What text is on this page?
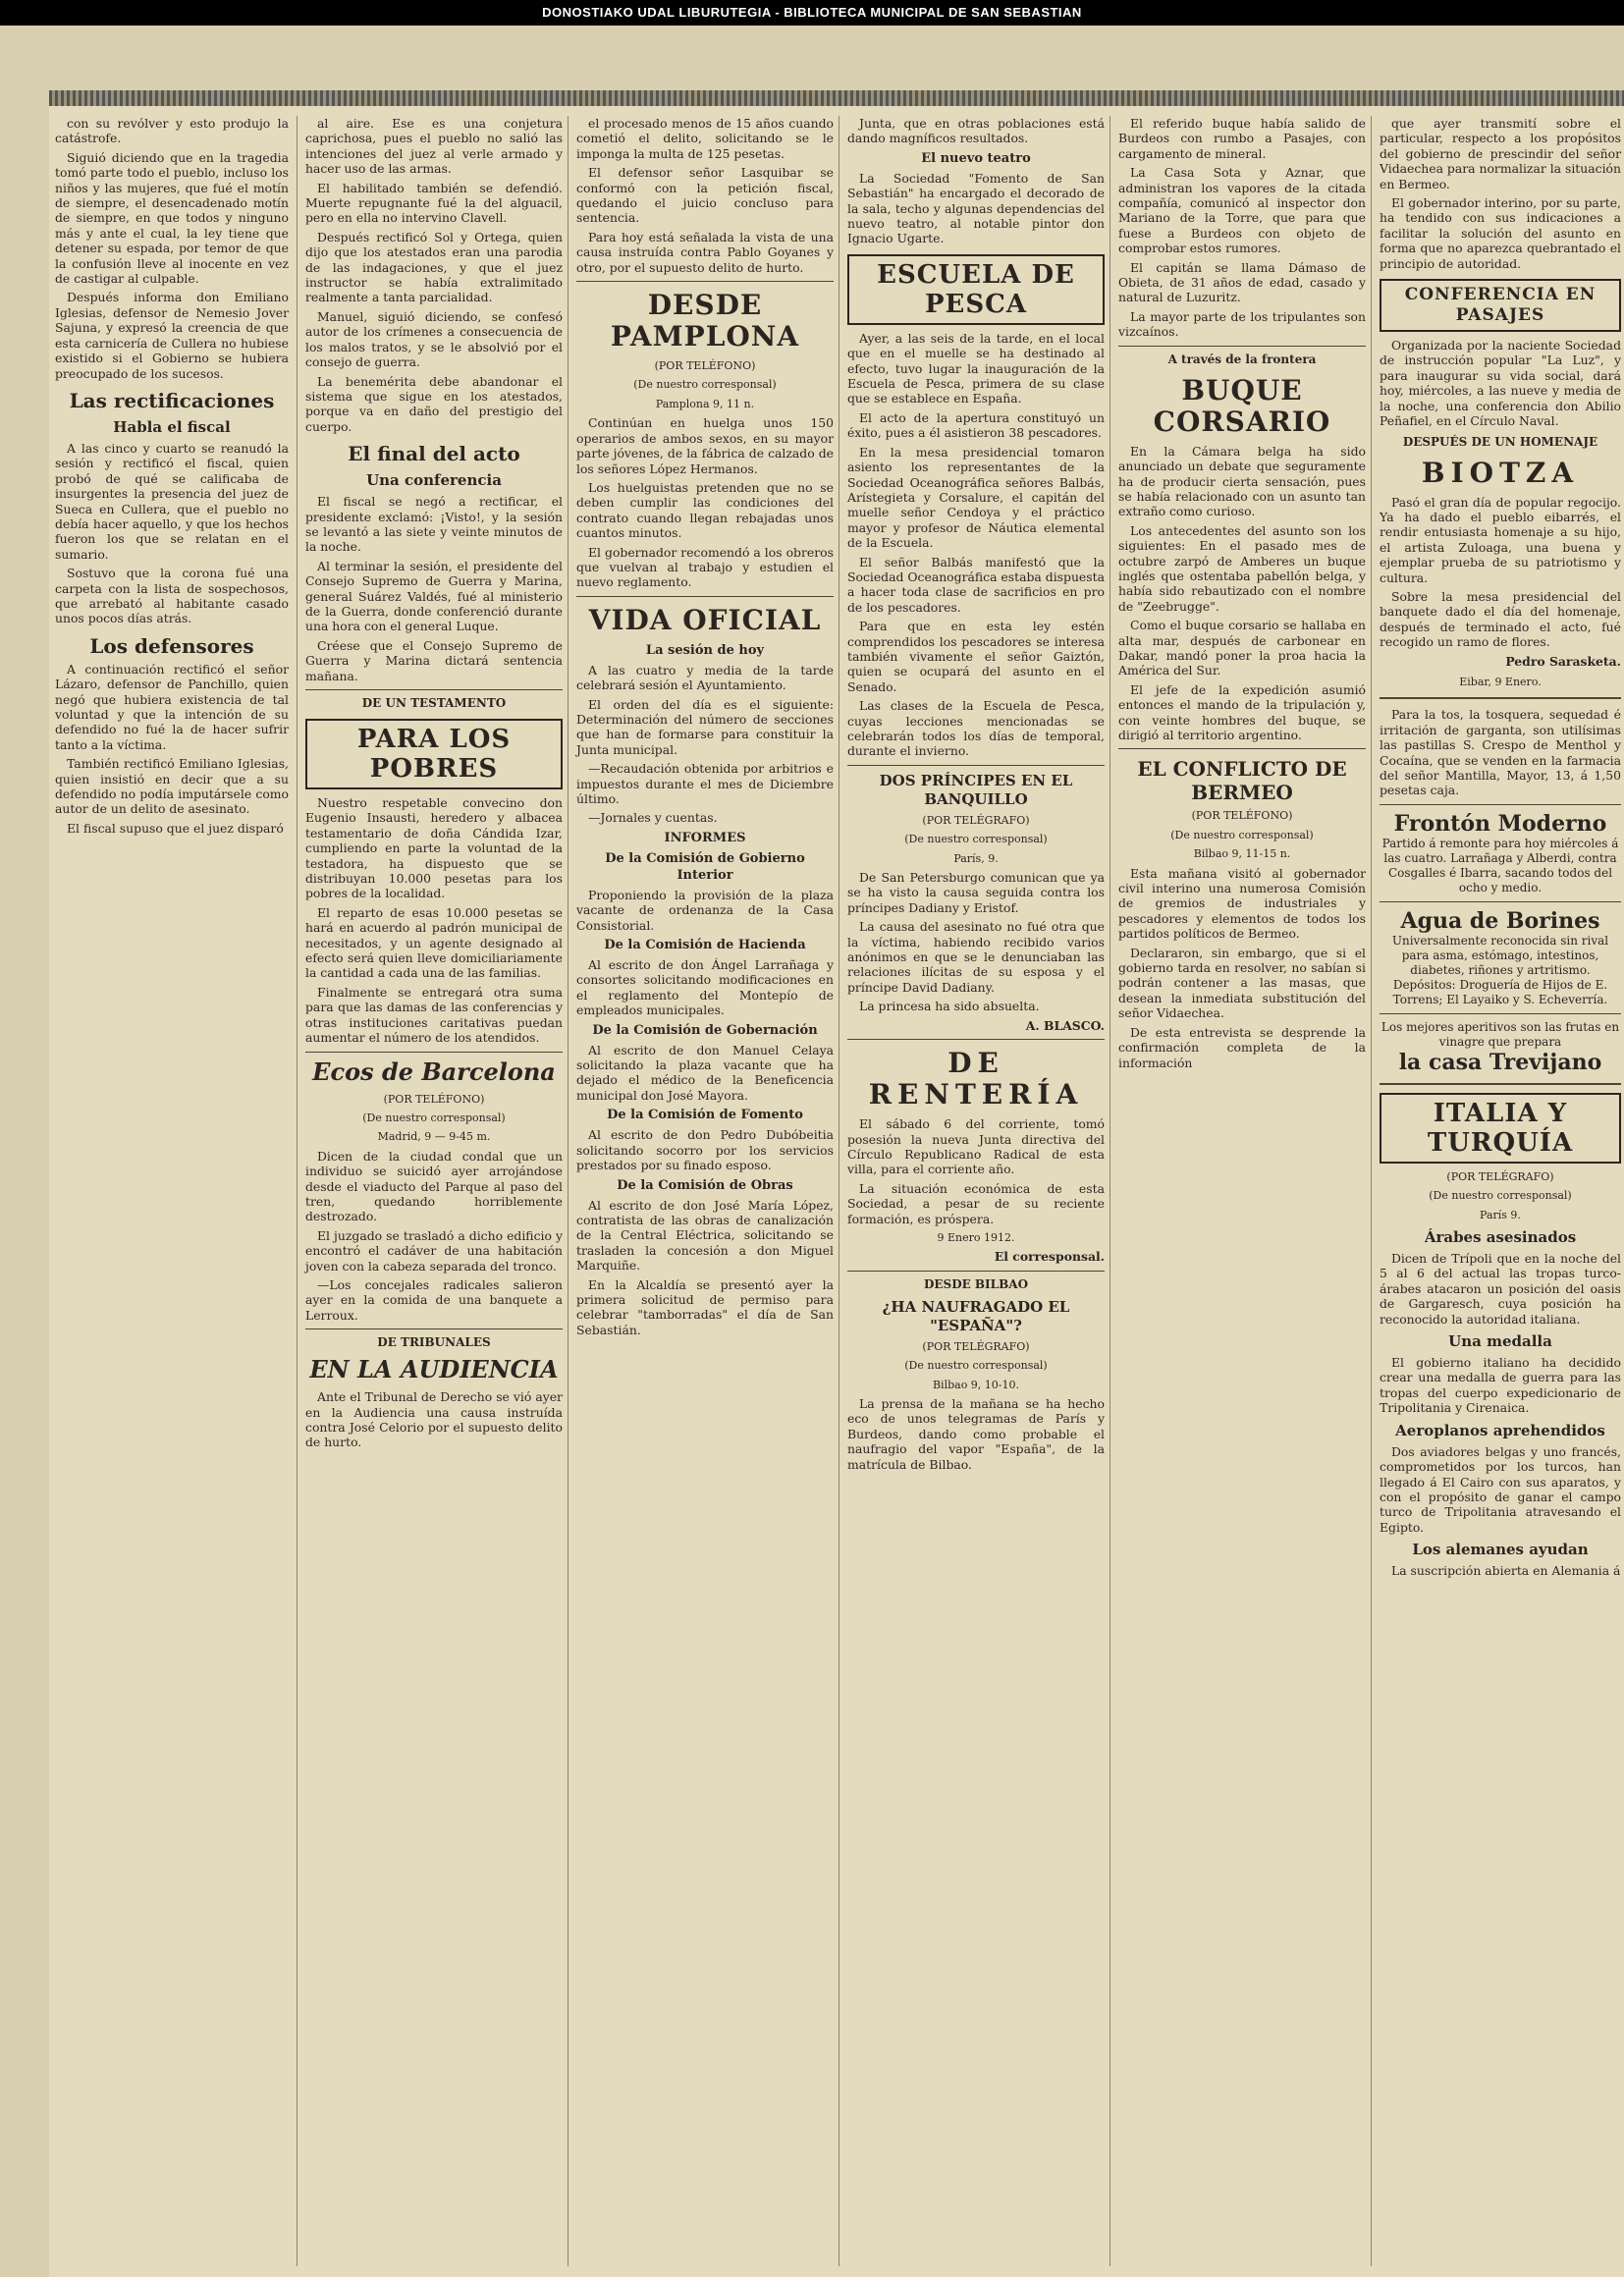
DONOSTIAKO UDAL LIBURUTEGIA - BIBLIOTECA MUNICIPAL DE SAN SEBASTIAN

con su revólver y esto produjo la catástrofe.

Siguió diciendo que en la tragedia tomó parte todo el pueblo, incluso los niños y las mujeres, que fué el motín de siempre, el desencadenado motín de siempre, en que todos y ninguno más y ante el cual, la ley tiene que detener su espada, por temor de que la confusión lleve al inocente en vez de castigar al culpable.

Después informa don Emiliano Iglesias, defensor de Nemesio Jover Sajuna, y expresó la creencia de que esta carnicería de Cullera no hubiese existido si el Gobierno se hubiera preocupado de los sucesos.

Las rectificaciones
Habla el fiscal

A las cinco y cuarto se reanudó la sesión y rectificó el fiscal, quien probó de qué se calificaba de insurgentes la presencia del juez de Sueca en Cullera, que el pueblo no debía hacer aquello, y que los hechos fueron los que se relatan en el sumario.

Sostuvo que la corona fué una carpeta con la lista de sospechosos, que arrebató al habitante casado unos pocos días atrás.

Los defensores

A continuación rectificó el señor Lázaro, defensor de Panchillo, quien negó que hubiera existencia de tal voluntad y que la intención de su defendido no fué la de hacer sufrir tanto a la víctima.

También rectificó Emiliano Iglesias, quien insistió en decir que a su defendido no podía imputársele como autor de un delito de asesinato.

El fiscal supuso que el juez disparó

al aire. Ese es una conjetura caprichosa, pues el pueblo no salió las intenciones del juez al verle armado y hacer uso de las armas.

El habilitado también se defendió. Muerte repugnante fué la del alguacil, pero en ella no intervino Clavell.

Después rectificó Sol y Ortega, quien dijo que los atestados eran una parodia de las indagaciones, y que el juez instructor se había extralimitado realmente a tanta parcialidad.

Manuel, siguió diciendo, se confesó autor de los crímenes a consecuencia de los malos tratos, y se le absolvió por el consejo de guerra.

La benemérita debe abandonar el sistema que sigue en los atestados, porque va en daño del prestigio del cuerpo.

El final del acto
Una conferencia

El fiscal se negó a rectificar, el presidente exclamó: ¡Visto!, y la sesión se levantó a las siete y veinte minutos de la noche.

Al terminar la sesión, el presidente del Consejo Supremo de Guerra y Marina, general Suárez Valdés, fué al ministerio de la Guerra, donde conferenció durante una hora con el general Luque.

Créese que el Consejo Supremo de Guerra y Marina dictará sentencia mañana.

DE UN TESTAMENTO
PARA LOS POBRES

Nuestro respetable convecino don Eugenio Insausti, heredero y albacea testamentario de doña Cándida Izar, cumpliendo en parte la voluntad de la testadora, ha dispuesto que se distribuyan 10.000 pesetas para los pobres de la localidad.

El reparto de esas 10.000 pesetas se hará en acuerdo al padrón municipal de necesitados, y un agente designado al efecto será quien lleve domiciliariamente la cantidad a cada una de las familias.

Finalmente se entregará otra suma para que las damas de las conferencias y otras instituciones caritativas puedan aumentar el número de los atendidos.

Ecos de Barcelona
(POR TELÉFONO)
(De nuestro corresponsal)
Madrid, 9 — 9-45 m.

Dicen de la ciudad condal que un individuo se suicidó ayer arrojándose desde el viaducto del Parque al paso del tren, quedando horriblemente destrozado.

El juzgado se trasladó a dicho edificio y encontró el cadáver de una habitación joven con la cabeza separada del tronco.

—Los concejales radicales salieron ayer en la comida de una banquete a Lerroux.

DE TRIBUNALES
EN LA AUDIENCIA

Ante el Tribunal de Derecho se vió ayer en la Audiencia una causa instruída contra José Celorio por el supuesto delito de hurto.

el procesado menos de 15 años cuando cometió el delito, solicitando se le imponga la multa de 125 pesetas.

El defensor señor Lasquibar se conformó con la petición fiscal, quedando el juicio concluso para sentencia.

Para hoy está señalada la vista de una causa instruída contra Pablo Goyanes y otro, por el supuesto delito de hurto.

DESDE PAMPLONA
(POR TELÉFONO)
(De nuestro corresponsal)
Pamplona 9, 11 n.

Continúan en huelga unos 150 operarios de ambos sexos, en su mayor parte jóvenes, de la fábrica de calzado de los señores López Hermanos.

Los huelguistas pretenden que no se deben cumplir las condiciones del contrato cuando llegan rebajadas unos cuantos minutos.

El gobernador recomendó a los obreros que vuelvan al trabajo y estudien el nuevo reglamento.

VIDA OFICIAL
La sesión de hoy

A las cuatro y media de la tarde celebrará sesión el Ayuntamiento.

El orden del día es el siguiente: Determinación del número de secciones que han de formarse para constituir la Junta municipal.

—Recaudación obtenida por arbitrios e impuestos durante el mes de Diciembre último.

—Jornales y cuentas.

INFORMES
De la Comisión de Gobierno Interior

Proponiendo la provisión de la plaza vacante de ordenanza de la Casa Consistorial.

De la Comisión de Hacienda

Al escrito de don Ángel Larrañaga y consortes solicitando modificaciones en el reglamento del Montepío de empleados municipales.

De la Comisión de Gobernación

Al escrito de don Manuel Celaya solicitando la plaza vacante que ha dejado el médico de la Beneficencia municipal don José Mayora.

De la Comisión de Fomento

Al escrito de don Pedro Dubóbeitia solicitando socorro por los servicios prestados por su finado esposo.

De la Comisión de Obras

Al escrito de don José María López, contratista de las obras de canalización de la Central Eléctrica, solicitando se trasladen la concesión a don Miguel Marquiñe.

En la Alcaldía se presentó ayer la primera solicitud de permiso para celebrar "tamborradas" el día de San Sebastián.

Junta, que en otras poblaciones está dando magníficos resultados.

El nuevo teatro

La Sociedad "Fomento de San Sebastián" ha encargado el decorado de la sala, techo y algunas dependencias del nuevo teatro, al notable pintor don Ignacio Ugarte.

ESCUELA DE PESCA

Ayer, a las seis de la tarde, en el local que en el muelle se ha destinado al efecto, tuvo lugar la inauguración de la Escuela de Pesca, primera de su clase que se establece en España.

El acto de la apertura constituyó un éxito, pues a él asistieron 38 pescadores.

En la mesa presidencial tomaron asiento los representantes de la Sociedad Oceanográfica señores Balbás, Arístegieta y Corsalure, el capitán del muelle señor Cendoya y el práctico mayor y profesor de Náutica elemental de la Escuela.

El señor Balbás manifestó que la Sociedad Oceanográfica estaba dispuesta a hacer toda clase de sacrificios en pro de los pescadores.

Para que en esta ley estén comprendidos los pescadores se interesa también vivamente el señor Gaiztón, quien se ocupará del asunto en el Senado.

Las clases de la Escuela de Pesca, cuyas lecciones mencionadas se celebrarán todos los días de temporal, durante el invierno.

DOS PRÍNCIPES EN EL BANQUILLO
(POR TELÉGRAFO)
(De nuestro corresponsal)
París, 9.

De San Petersburgo comunican que ya se ha visto la causa seguida contra los príncipes Dadiany y Eristof.

La causa del asesinato no fué otra que la víctima, habiendo recibido varios anónimos en que se le denunciaban las relaciones ilícitas de su esposa y el príncipe David Dadiany.

La princesa ha sido absuelta.

A. BLASCO.
DE RENTERÍA

El sábado 6 del corriente, tomó posesión la nueva Junta directiva del Círculo Republicano Radical de esta villa, para el corriente año.

La situación económica de esta Sociedad, a pesar de su reciente formación, es próspera.

9 Enero 1912.
El corresponsal.
DESDE BILBAO
¿HA NAUFRAGADO EL "ESPAÑA"?
(POR TELÉGRAFO)
(De nuestro corresponsal)
Bilbao 9, 10-10.

La prensa de la mañana se ha hecho eco de unos telegramas de París y Burdeos, dando como probable el naufragio del vapor "España", de la matrícula de Bilbao.

El referido buque había salido de Burdeos con rumbo a Pasajes, con cargamento de mineral.

La Casa Sota y Aznar, que administran los vapores de la citada compañía, comunicó al inspector don Mariano de la Torre, que para que fuese a Burdeos con objeto de comprobar estos rumores.

El capitán se llama Dámaso de Obieta, de 31 años de edad, casado y natural de Luzuritz.

La mayor parte de los tripulantes son vizcaínos.

A través de la frontera
BUQUE CORSARIO

En la Cámara belga ha sido anunciado un debate que seguramente ha de producir cierta sensación, pues se había relacionado con un asunto tan extraño como curioso.

Los antecedentes del asunto son los siguientes: En el pasado mes de octubre zarpó de Amberes un buque inglés que ostentaba pabellón belga, y había sido rebautizado con el nombre de "Zeebrugge".

Como el buque corsario se hallaba en alta mar, después de carbonear en Dakar, mandó poner la proa hacia la América del Sur.

El jefe de la expedición asumió entonces el mando de la tripulación y, con veinte hombres del buque, se dirigió al territorio argentino.

EL CONFLICTO DE BERMEO
(POR TELÉFONO)
(De nuestro corresponsal)
Bilbao 9, 11-15 n.

Esta mañana visitó al gobernador civil interino una numerosa Comisión de gremios de industriales y pescadores y elementos de todos los partidos políticos de Bermeo.

Declararon, sin embargo, que si el gobierno tarda en resolver, no sabían si podrán contener a las masas, que desean la inmediata substitución del señor Vidaechea.

De esta entrevista se desprende la confirmación completa de la información

que ayer transmití sobre el particular, respecto a los propósitos del gobierno de prescindir del señor Vidaechea para normalizar la situación en Bermeo.

El gobernador interino, por su parte, ha tendido con sus indicaciones a facilitar la solución del asunto en forma que no aparezca quebrantado el principio de autoridad.

CONFERENCIA EN PASAJES

Organizada por la naciente Sociedad de instrucción popular "La Luz", y para inaugurar su vida social, dará hoy, miércoles, a las nueve y media de la noche, una conferencia don Abilio Peñafiel, en el Círculo Naval.

DESPUÉS DE UN HOMENAJE
BIOTZA

Pasó el gran día de popular regocijo. Ya ha dado el pueblo eibarrés, el rendir entusiasta homenaje a su hijo, el artista Zuloaga, una buena y ejemplar prueba de su patriotismo y cultura.

Sobre la mesa presidencial del banquete dado el día del homenaje, después de terminado el acto, fué recogido un ramo de flores.

Pedro Sarasketa.
Eibar, 9 Enero.

Para la tos, la tosquera, sequedad é irritación de garganta, son utilísimas las pastillas S. Crespo de Menthol y Cocaína, que se venden en la farmacia del señor Mantilla, Mayor, 13, á 1,50 pesetas caja.

Frontón Moderno
Partido á remonte para hoy miércoles á las cuatro. Larrañaga y Alberdi, contra Cosgalles é Ibarra, sacando todos del ocho y medio.
Agua de Borines
Universalmente reconocida sin rival para asma, estómago, intestinos, diabetes, riñones y artritismo.
Depósitos: Droguería de Hijos de E. Torrens; El Layaiko y S. Echeverría.
Los mejores aperitivos son las frutas en vinagre que prepara
la casa Trevijano
ITALIA Y TURQUÍA
(POR TELÉGRAFO)
(De nuestro corresponsal)
París 9.
Árabes asesinados

Dicen de Trípoli que en la noche del 5 al 6 del actual las tropas turco-árabes atacaron un posición del oasis de Gargaresch, cuya posición ha reconocido la autoridad italiana.

Una medalla

El gobierno italiano ha decidido crear una medalla de guerra para las tropas del cuerpo expedicionario de Tripolitania y Cirenaica.

Aeroplanos aprehendidos

Dos aviadores belgas y uno francés, comprometidos por los turcos, han llegado á El Cairo con sus aparatos, y con el propósito de ganar el campo turco de Tripolitania atravesando el Egipto.

Los alemanes ayudan

La suscripción abierta en Alemania á
